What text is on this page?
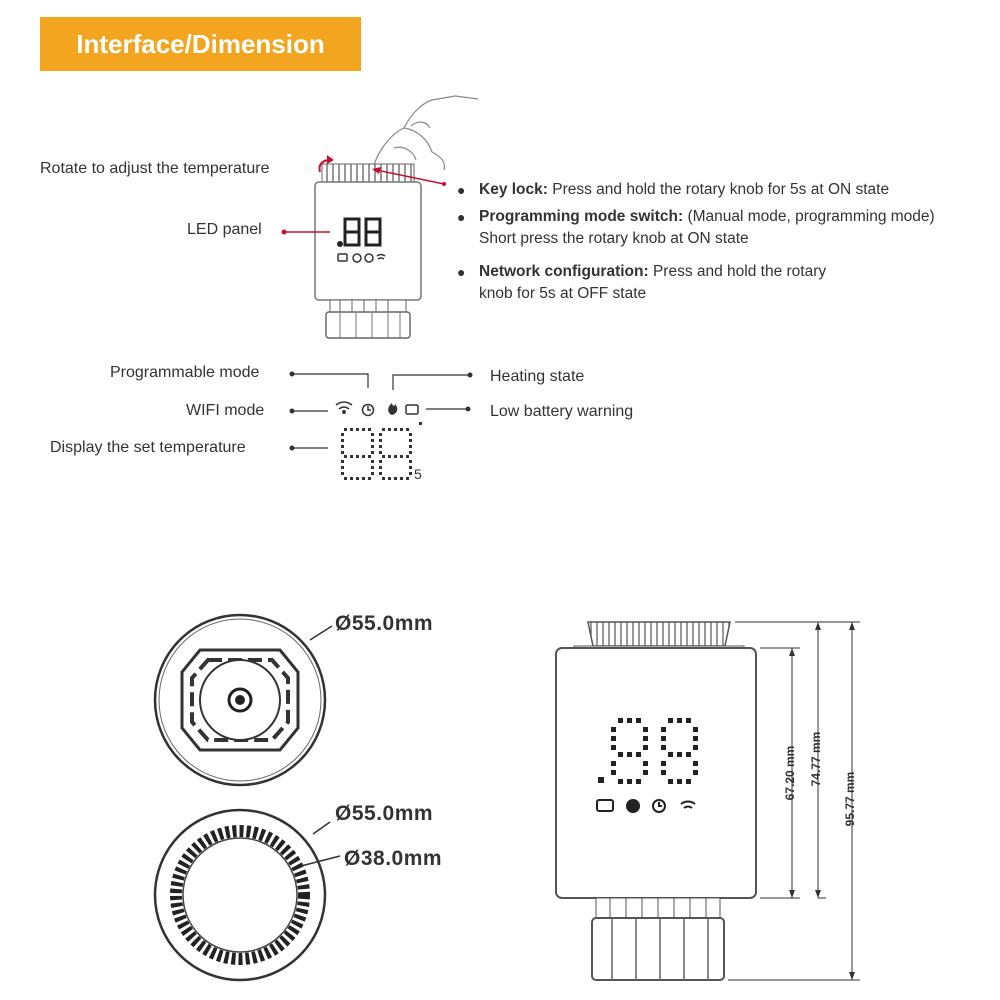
Interface/Dimension
Rotate to adjust the temperature
LED panel
● Key lock: Press and hold the rotary knob for 5s at ON state
● Programming mode switch: (Manual mode, programming mode)
Short press the rotary knob at ON state
● Network configuration: Press and hold the rotary
knob for 5s at OFF state
Programmable mode
WIFI mode
Display the set temperature
Heating state
Low battery warning
5
Ø55.0mm
Ø55.0mm
Ø38.0mm
67.20 mm 74.77 mm
95.77 mm
